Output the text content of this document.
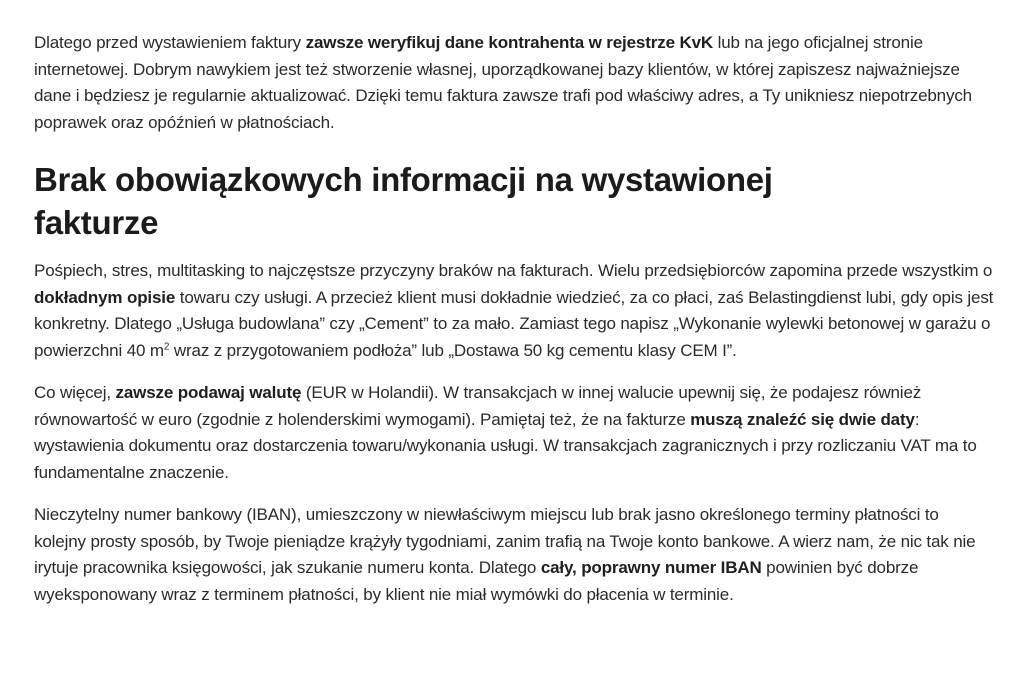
Dlatego przed wystawieniem faktury zawsze weryfikuj dane kontrahenta w rejestrze KvK lub na jego oficjalnej stronie internetowej. Dobrym nawykiem jest też stworzenie własnej, uporządkowanej bazy klientów, w której zapiszesz najważniejsze dane i będziesz je regularnie aktualizować. Dzięki temu faktura zawsze trafi pod właściwy adres, a Ty unikniesz niepotrzebnych poprawek oraz opóźnień w płatnościach.

Brak obowiązkowych informacji na wystawionej fakturze

Pośpiech, stres, multitasking to najczęstsze przyczyny braków na fakturach. Wielu przedsiębiorców zapomina przede wszystkim o dokładnym opisie towaru czy usługi. A przecież klient musi dokładnie wiedzieć, za co płaci, zaś Belastingdienst lubi, gdy opis jest konkretny. Dlatego „Usługa budowlana” czy „Cement” to za mało. Zamiast tego napisz „Wykonanie wylewki betonowej w garażu o powierzchni 40 $m^2$ wraz z przygotowaniem podłoża” lub „Dostawa 50 kg cementu klasy CEM I”.

Co więcej, zawsze podawaj walutę (EUR w Holandii). W transakcjach w innej walucie upewnij się, że podajesz również równowartość w euro (zgodnie z holenderskimi wymogami). Pamiętaj też, że na fakturze muszą znaleźć się dwie daty: wystawienia dokumentu oraz dostarczenia towaru/wykonania usługi. W transakcjach zagranicznych i przy rozliczaniu VAT ma to fundamentalne znaczenie.

Nieczytelny numer bankowy (IBAN), umieszczony w niewłaściwym miejscu lub brak jasno określonego terminy płatności to kolejny prosty sposób, by Twoje pieniądze krążyły tygodniami, zanim trafią na Twoje konto bankowe. A wierz nam, że nic tak nie irytuje pracownika księgowości, jak szukanie numeru konta. Dlatego cały, poprawny numer IBAN powinien być dobrze wyeksponowany wraz z terminem płatności, by klient nie miał wymówki do płacenia w terminie.
